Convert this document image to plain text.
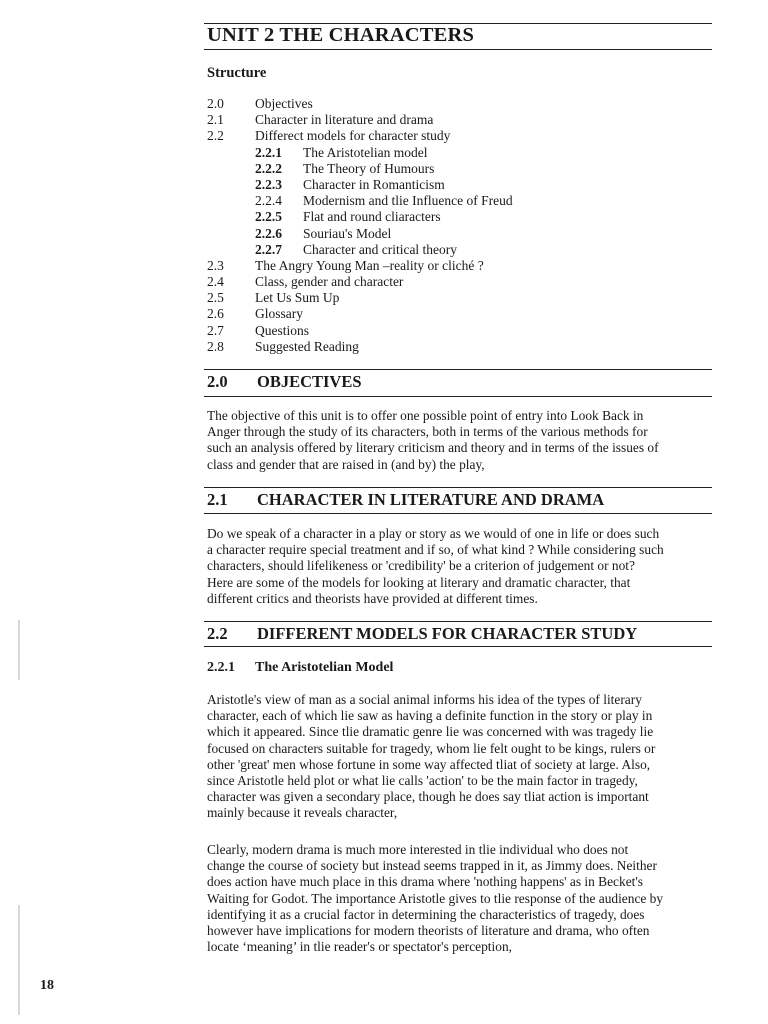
UNIT 2 THE CHARACTERS
Structure
2.0 Objectives
2.1 Character in literature and drama
2.2 Differect models for character study
2.2.1 The Aristotelian model
2.2.2 The Theory of Humours
2.2.3 Character in Romanticism
2.2.4 Modernism and tlie Influence of Freud
2.2.5 Flat and round cliaracters
2.2.6 Souriau's Model
2.2.7 Character and critical theory
2.3 The Angry Young Man –reality or cliché ?
2.4 Class, gender and character
2.5 Let Us Sum Up
2.6 Glossary
2.7 Questions
2.8 Suggested Reading
2.0 OBJECTIVES
The objective of this unit is to offer one possible point of entry into Look Back in
Anger through the study of its characters, both in terms of the various methods for
such an analysis offered by literary criticism and theory and in terms of the issues of
class and gender that are raised in (and by) the play,
2.1 CHARACTER IN LITERATURE AND DRAMA
Do we speak of a character in a play or story as we would of one in life or does such
a character require special treatment and if so, of what kind ? While considering such
characters, should lifelikeness or 'credibility' be a criterion of judgement or not?
Here are some of the models for looking at literary and dramatic character, that
different critics and theorists have provided at different times.
2.2 DIFFERENT MODELS FOR CHARACTER STUDY
2.2.1 The Aristotelian Model
Aristotle's view of man as a social animal informs his idea of the types of literary
character, each of which lie saw as having a definite function in the story or play in
which it appeared. Since tlie dramatic genre lie was concerned with was tragedy lie
focused on characters suitable for tragedy, whom lie felt ought to be kings, rulers or
other 'great' men whose fortune in some way affected tliat of society at large. Also,
since Aristotle held plot or what lie calls 'action' to be the main factor in tragedy,
character was given a secondary place, though he does say tliat action is important
mainly because it reveals character,
Clearly, modern drama is much more interested in tlie individual who does not
change the course of society but instead seems trapped in it, as Jimmy does. Neither
does action have much place in this drama where 'nothing happens' as in Becket's
Waiting for Godot. The importance Aristotle gives to tlie response of the audience by
identifying it as a crucial factor in determining the characteristics of tragedy, does
however have implications for modern theorists of literature and drama, who often
locate ‘meaning’ in tlie reader's or spectator's perception,

18
